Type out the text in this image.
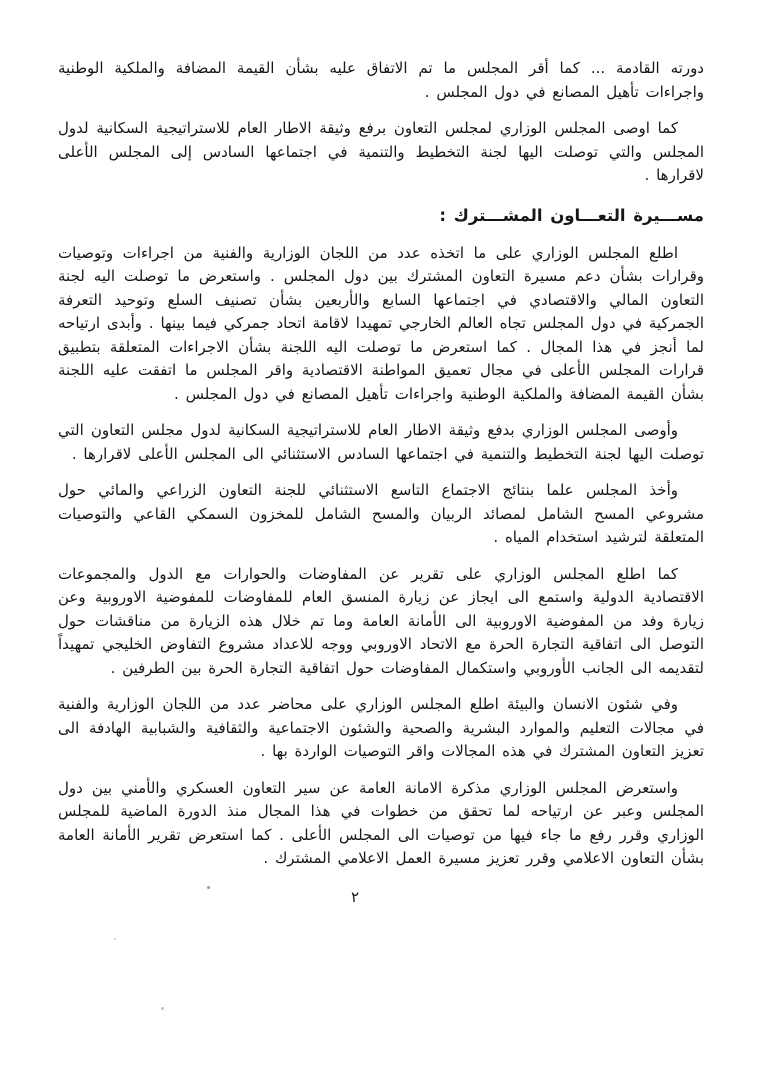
دورته القادمة ... كما أقر المجلس ما تم الاتفاق عليه بشأن القيمة المضافة والملكية الوطنية واجراءات تأهيل المصانع في دول المجلس .

كما اوصى المجلس الوزاري لمجلس التعاون برفع وثيقة الاطار العام للاستراتيجية السكانية لدول المجلس والتي توصلت اليها لجنة التخطيط والتنمية في اجتماعها السادس إلى المجلس الأعلى لاقرارها .

مســـيرة التعـــاون المشـــترك :

اطلع المجلس الوزاري على ما اتخذه عدد من اللجان الوزارية والفنية من اجراءات وتوصيات وقرارات بشأن دعم مسيرة التعاون المشترك بين دول المجلس . واستعرض ما توصلت اليه لجنة التعاون المالي والاقتصادي في اجتماعها السابع والأربعين بشأن تصنيف السلع وتوحيد التعرفة الجمركية في دول المجلس تجاه العالم الخارجي تمهيدا لاقامة اتحاد جمركي فيما بينها . وأبدى ارتياحه لما أنجز في هذا المجال . كما استعرض ما توصلت اليه اللجنة بشأن الاجراءات المتعلقة بتطبيق قرارات المجلس الأعلى في مجال تعميق المواطنة الاقتصادية واقر المجلس ما اتفقت عليه اللجنة بشأن القيمة المضافة والملكية الوطنية واجراءات تأهيل المصانع في دول المجلس .

وأوصى المجلس الوزاري بدفع وثيقة الاطار العام للاستراتيجية السكانية لدول مجلس التعاون التي توصلت اليها لجنة التخطيط والتنمية في اجتماعها السادس الاستثنائي الى المجلس الأعلى لاقرارها .

وأخذ المجلس علما بنتائج الاجتماع التاسع الاستثنائي للجنة التعاون الزراعي والمائي حول مشروعي المسح الشامل لمصائد الربيان والمسح الشامل للمخزون السمكي القاعي والتوصيات المتعلقة لترشيد استخدام المياه .

كما اطلع المجلس الوزاري على تقرير عن المفاوضات والحوارات مع الدول والمجموعات الاقتصادية الدولية واستمع الى ايجاز عن زيارة المنسق العام للمفاوضات للمفوضية الاوروبية وعن زيارة وفد من المفوضية الاوروبية الى الأمانة العامة وما تم خلال هذه الزيارة من مناقشات حول التوصل الى اتفاقية التجارة الحرة مع الاتحاد الاوروبي ووجه للاعداد مشروع التفاوض الخليجي تمهيداً لتقديمه الى الجانب الأوروبي واستكمال المفاوضات حول اتفاقية التجارة الحرة بين الطرفين .

وفي شئون الانسان والبيئة اطلع المجلس الوزاري على محاضر عدد من اللجان الوزارية والفنية في مجالات التعليم والموارد البشرية والصحية والشئون الاجتماعية والثقافية والشبابية الهادفة الى تعزيز التعاون المشترك في هذه المجالات واقر التوصيات الواردة بها .

واستعرض المجلس الوزاري مذكرة الامانة العامة عن سير التعاون العسكري والأمني بين دول المجلس وعبر عن ارتياحه لما تحقق من خطوات في هذا المجال منذ الدورة الماضية للمجلس الوزاري وقرر رفع ما جاء فيها من توصيات الى المجلس الأعلى . كما استعرض تقرير الأمانة العامة بشأن التعاون الاعلامي وقرر تعزيز مسيرة العمل الاعلامي المشترك .

٢
